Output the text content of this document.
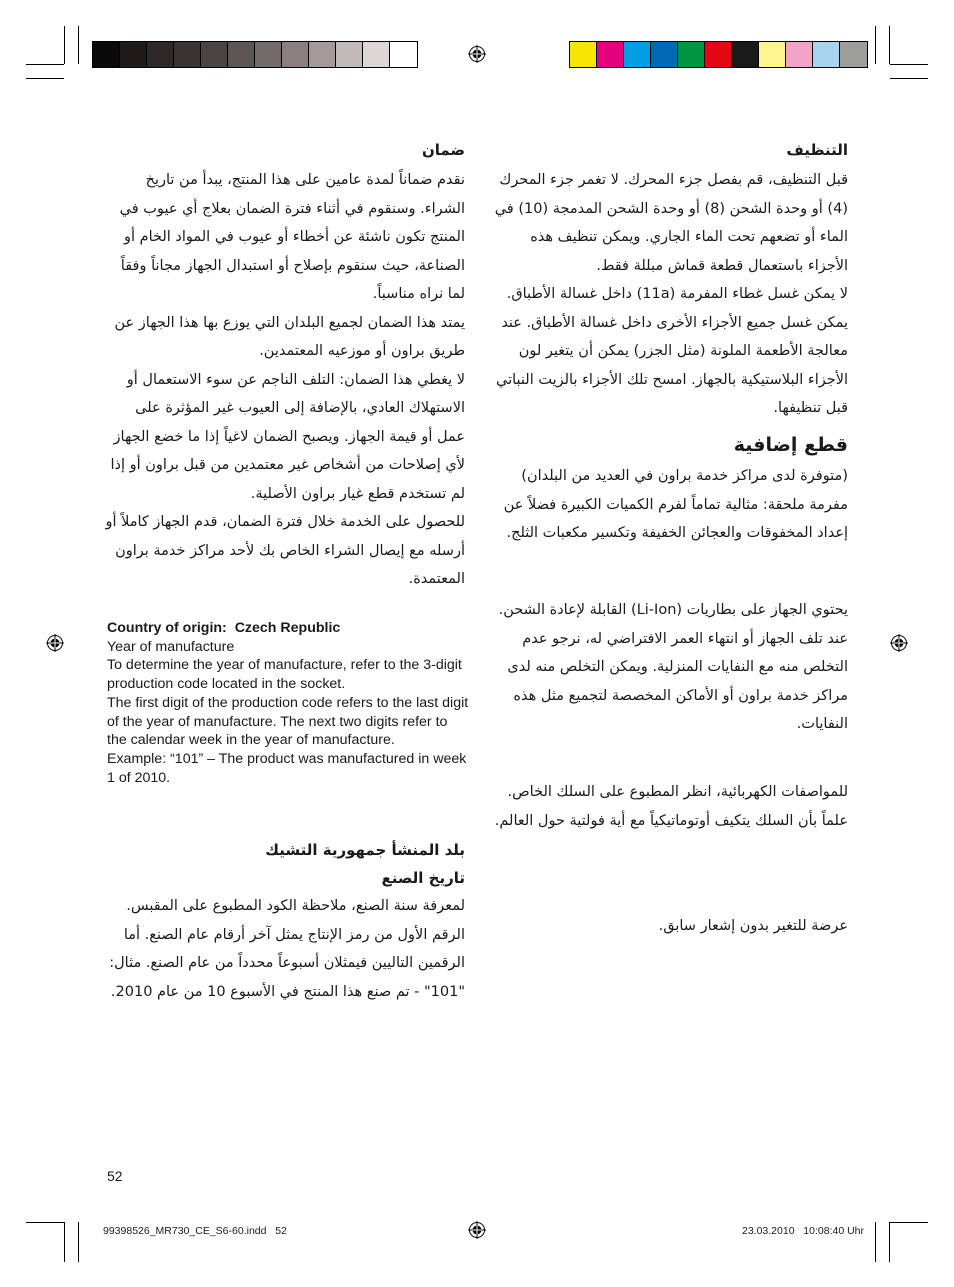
التنظيف

قبل التنظيف، قم بفصل جزء المحرك. لا تغمر جزء المحرك (4) أو وحدة الشحن (8) أو وحدة الشحن المدمجة (10) في الماء أو تضعهم تحت الماء الجاري. ويمكن تنظيف هذه الأجزاء باستعمال قطعة قماش مبللة فقط.

لا يمكن غسل غطاء المفرمة (11a) داخل غسالة الأطباق. يمكن غسل جميع الأجزاء الأخرى داخل غسالة الأطباق. عند معالجة الأطعمة الملونة (مثل الجزر) يمكن أن يتغير لون الأجزاء البلاستيكية بالجهاز. امسح تلك الأجزاء بالزيت النباتي قبل تنظيفها.

قطع إضافية

(متوفرة لدى مراكز خدمة براون في العديد من البلدان) مفرمة ملحقة: مثالية تماماً لفرم الكميات الكبيرة فضلاً عن إعداد المخفوقات والعجائن الخفيفة وتكسير مكعبات الثلج.

يحتوي الجهاز على بطاريات (Li-Ion) القابلة لإعادة الشحن. عند تلف الجهاز أو انتهاء العمر الافتراضي له، نرجو عدم التخلص منه مع النفايات المنزلية. ويمكن التخلص منه لدى مراكز خدمة براون أو الأماكن المخصصة لتجميع مثل هذه النفايات.

للمواصفات الكهربائية، انظر المطبوع على السلك الخاص. علماً بأن السلك يتكيف أوتوماتيكياً مع أية فولتية حول العالم.

عرضة للتغير بدون إشعار سابق.

ضمان

نقدم ضماناً لمدة عامين على هذا المنتج، يبدأ من تاريخ الشراء. وسنقوم في أثناء فترة الضمان بعلاج أي عيوب في المنتج تكون ناشئة عن أخطاء أو عيوب في المواد الخام أو الصناعة، حيث سنقوم بإصلاح أو استبدال الجهاز مجاناً وفقاً لما نراه مناسباً.

يمتد هذا الضمان لجميع البلدان التي يوزع بها هذا الجهاز عن طريق براون أو موزعيه المعتمدين.

لا يغطي هذا الضمان: التلف الناجم عن سوء الاستعمال أو الاستهلاك العادي، بالإضافة إلى العيوب غير المؤثرة على عمل أو قيمة الجهاز. ويصبح الضمان لاغياً إذا ما خضع الجهاز لأي إصلاحات من أشخاص غير معتمدين من قبل براون أو إذا لم تستخدم قطع غيار براون الأصلية.

للحصول على الخدمة خلال فترة الضمان، قدم الجهاز كاملاً أو أرسله مع إيصال الشراء الخاص بك لأحد مراكز خدمة براون المعتمدة.

Country of origin: Czech Republic

Year of manufacture

To determine the year of manufacture, refer to the 3-digit production code located in the socket.

The first digit of the production code refers to the last digit of the year of manufacture. The next two digits refer to the calendar week in the year of manufacture.

Example: “101” – The product was manufactured in week 1 of 2010.

بلد المنشأ جمهورية التشيك
تاريخ الصنع

لمعرفة سنة الصنع، ملاحظة الكود المطبوع على المقبس. الرقم الأول من رمز الإنتاج يمثل آخر أرقام عام الصنع. أما الرقمين التاليين فيمثلان أسبوعاً محدداً من عام الصنع. مثال: "101" - تم صنع هذا المنتج في الأسبوع 10 من عام 2010.

52
99398526_MR730_CE_S6-60.indd   52	23.03.2010   10:08:40 Uhr
